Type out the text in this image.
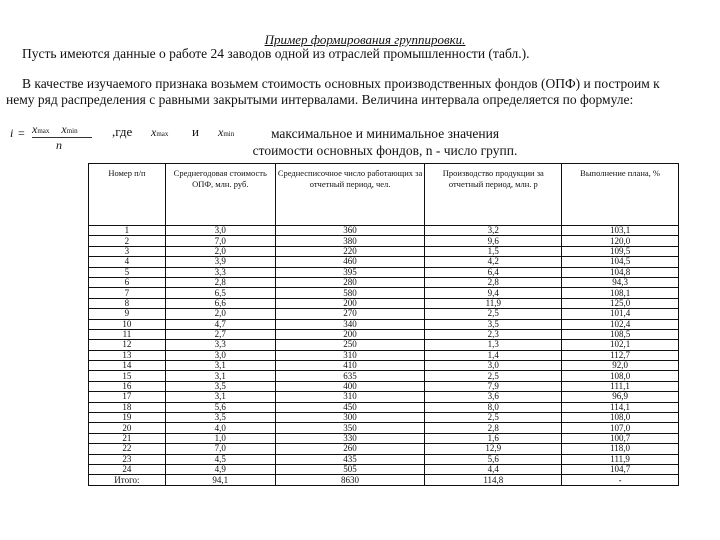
Пример формирования группировки.
Пусть имеются данные о работе 24 заводов одной из отраслей промышленности (табл.).
В качестве изучаемого признака возьмем стоимость основных производственных фондов (ОПФ) и построим к
нему ряд распределения с равными закрытыми интервалами. Величина интервала определяется по формуле:
i = xmax xmin
n
,где xmax и xmin	максимальное и минимальное значения
стоимости основных фондов, n - число групп.
Номер п/п	Среднегодовая стоимость ОПФ, млн. руб.	Среднесписочное число работающих за отчетный период, чел.	Производство продукции за отчетный период, млн. р	Выполнение плана, %
1	3,0	360	3,2	103,1
2	7,0	380	9,6	120,0
3	2,0	220	1,5	109,5
4	3,9	460	4,2	104,5
5	3,3	395	6,4	104,8
6	2,8	280	2,8	94,3
7	6,5	580	9,4	108,1
8	6,6	200	11,9	125,0
9	2,0	270	2,5	101,4
10	4,7	340	3,5	102,4
11	2,7	200	2,3	108,5
12	3,3	250	1,3	102,1
13	3,0	310	1,4	112,7
14	3,1	410	3,0	92,0
15	3,1	635	2,5	108,0
16	3,5	400	7,9	111,1
17	3,1	310	3,6	96,9
18	5,6	450	8,0	114,1
19	3,5	300	2,5	108,0
20	4,0	350	2,8	107,0
21	1,0	330	1,6	100,7
22	7,0	260	12,9	118,0
23	4,5	435	5,6	111,9
24	4,9	505	4,4	104,7
Итого:	94,1	8630	114,8	-
